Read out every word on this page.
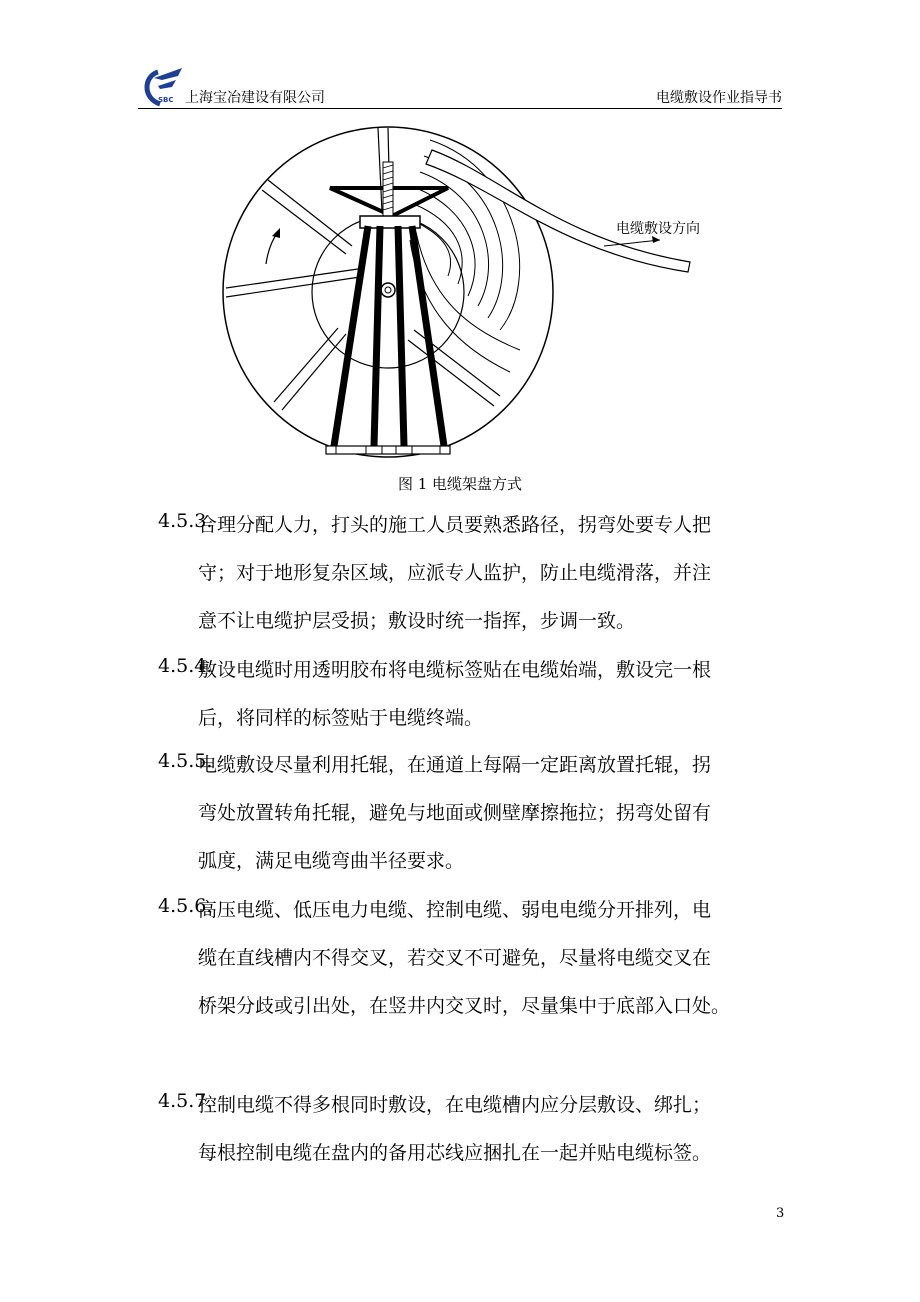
SBC 上海宝冶建设有限公司	电缆敷设作业指导书
电缆敷设方向
图 1 电缆架盘方式
4.5.3.
合理分配人力，打头的施工人员要熟悉路径，拐弯处要专人把
守；对于地形复杂区域，应派专人监护，防止电缆滑落，并注
意不让电缆护层受损；敷设时统一指挥，步调一致。
4.5.4.
敷设电缆时用透明胶布将电缆标签贴在电缆始端，敷设完一根
后，将同样的标签贴于电缆终端。
4.5.5.
电缆敷设尽量利用托辊，在通道上每隔一定距离放置托辊，拐
弯处放置转角托辊，避免与地面或侧壁摩擦拖拉；拐弯处留有
弧度，满足电缆弯曲半径要求。
4.5.6.
高压电缆、低压电力电缆、控制电缆、弱电电缆分开排列，电
缆在直线槽内不得交叉，若交叉不可避免，尽量将电缆交叉在
桥架分歧或引出处，在竖井内交叉时，尽量集中于底部入口处。
4.5.7.
控制电缆不得多根同时敷设，在电缆槽内应分层敷设、绑扎；
每根控制电缆在盘内的备用芯线应捆扎在一起并贴电缆标签。
3
